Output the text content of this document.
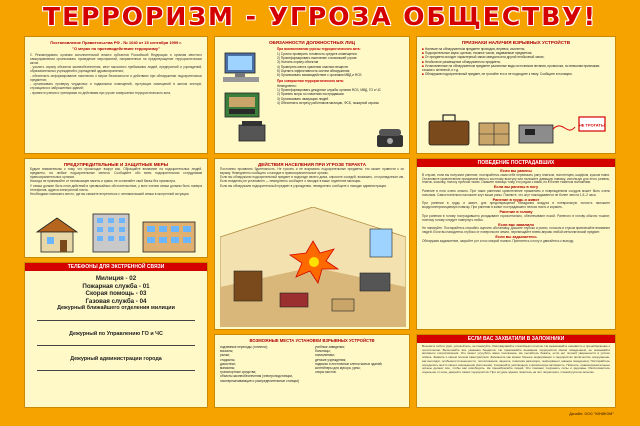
ТЕРРОРИЗМ - УГРОЗА ОБЩЕСТВУ!
Постановление Правительства РФ - № 1040 от 15 сентября 1999 г.
"О мерах по противодействию терроризму"

2. Рекомендовать органам исполнительной власти субъектов Российской Федерации и органам местного самоуправления организовать проведение мероприятий, направленных на предотвращение террористических актов.

- усилить охрану объектов жизнеобеспечения, мест массового пребывания людей, предприятий и учреждений, образовательных учреждений и учреждений здравоохранения;

- обеспечить информирование населения о мерах безопасности и действиях при обнаружении подозрительных предметов;

- организовать проверку чердачных и подвальных помещений, пустующих помещений в жилом секторе, строящихся и заброшенных зданий;

- провести учения и тренировки по действиям при угрозе совершения террористического акта.

ОБЯЗАННОСТИ ДОЛЖНОСТНЫХ ЛИЦ
При возникновении угрозы террористического акта:
1) Срочно проверить готовность средств оповещения
2) Проинформировать население о возникшей угрозе
3) Усилить охрану объектов
4) Проверить места хранения опасных веществ
5) Оценить эффективность систем обнаружения
6) Организовать взаимодействие с органами МВД и ФСБ
При совершении террористического акта:
Немедленно:
1) Проинформировать дежурные службы органов ФСБ, МВД, ГО и ЧС
2) Принять меры по спасению пострадавших
3) Организовать эвакуацию людей
4) Обеспечить встречу работников милиции, ФСБ, пожарной охраны
ПРИЗНАКИ НАЛИЧИЯ ВЗРЫВНЫХ УСТРОЙСТВ
■ Наличие на обнаруженном предмете проводов, веревок, изоленты;
■ Подозрительные звуки, щелчки, тиканье часов, издаваемые предметом;
■ От предмета исходит характерный запах миндаля или другой необычный запах;
■ Необычное размещение обнаруженного предмета;
■ Установленные на обнаруженном предмете различные виды источников питания, проволока, по внешним признакам схожая с антенной, и т.д.
■ Обнаружив подозрительный предмет, не трогайте его и не подходите к нему. Сообщите в полицию.
НЕ ТРОГАТЬ!
ПРЕДУПРЕДИТЕЛЬНЫЕ И ЗАЩИТНЫЕ МЕРЫ

Будьте внимательны к тому, что происходит вокруг вас. Обращайте внимание на подозрительных людей, предметы, на любые подозрительные мелочи. Сообщайте обо всем подозрительном сотрудникам правоохранительных органов.

Никогда не принимайте от незнакомцев пакеты и сумки, не оставляйте свой багаж без присмотра.

У семьи должен быть план действий в чрезвычайных обстоятельствах, у всех членов семьи должны быть номера телефонов, адреса электронной почты.

Необходимо назначить место, где вы сможете встретиться с членами вашей семьи в экстренной ситуации.

ТЕЛЕФОНЫ ДЛЯ ЭКСТРЕННОЙ СВЯЗИ
Милиция - 02
Пожарная служба - 01
Скорая помощь - 03
Газовая служба - 04
Дежурный ближайшего отделения милиции
Дежурный по Управлению ГО и ЧС
Дежурный администрации города
ДЕЙСТВИЯ НАСЕЛЕНИЯ ПРИ УГРОЗЕ ТЕРАКТА

Постоянно проявлять бдительность. Не трогать и не вскрывать подозрительные предметы: это может привести к их взрыву. Немедленно сообщить о находке в правоохранительные органы.

Если вы обнаружили подозрительный предмет в подъезде своего дома, опросите соседей, возможно, он принадлежит им. Если владелец не установлен — немедленно сообщите о находке в ваше отделение милиции.

Если вы обнаружили подозрительный предмет в учреждении, немедленно сообщите о находке администрации.

ВОЗМОЖНЫЕ МЕСТА УСТАНОВКИ ВЗРЫВНЫХ УСТРОЙСТВ
подземные переходы (тоннели);
вокзалы;
рынки;
стадионы;
дискотеки;
магазины;
транспортные средства;
объекты жизнеобеспечения (электроподстанции, газоперекачивающие и распределительные станции)
учебные заведения;
больницы;
поликлиники;
детские учреждения;
подвалы и лестничные клетки жилых зданий;
контейнеры для мусора, урны;
опоры мостов.
ПОВЕДЕНИЕ ПОСТРАДАВШИХ
Если вы ранены
В случае, если вы получили ранение, постарайтесь сами себе перевязать рану платком, полотенцем, шарфом, куском ткани. Остановите кровотечение прижатием вены к костному выступу или наложите давящую повязку, используя для этого ремень, платок, косынку, полосу прочной ткани. Окажите помощь тому, кто рядом с вами, но в более тяжелом положении.
Если вы ранены в ногу
Ранение в ноги очень опасно. При таких ранениях кровотечение прижатием и повреждением сосудов может быть очень сильным. Самостоятельно наложите жгут выше раны. Помните, что жгут накладывается не более чем на 1,5–2 часа.
Ранение в грудь и живот
При ранении в грудь и живот, для предотвращения попадания воздуха в плевральную полость наложите воздухонепроницаемую повязку. При ранении в живот пострадавшего нельзя поить и кормить.
Ранение в голову
При ранении в голову пострадавшего укладывают горизонтально, обеспечивают покой. Раненого в голову обычно тошнит, поэтому голову следует повернуть набок.
Если вас завалило
Не паникуйте. Постарайтесь спокойно оценить обстановку. Дышите глубоко и ровно, голосом и стуком привлекайте внимание людей. Если вы находитесь глубоко от поверхности земли, перемещайте влево-вправо любой металлический предмет.
Если вы задыхаетесь
Обнаружив задымление, закройте рот и нос мокрой тканью. Пригнитесь к полу и двигайтесь к выходу.
ЕСЛИ ВАС ЗАХВАТИЛИ В ЗАЛОЖНИКИ
Возьмите себя в руки, успокойтесь, не паникуйте. Разговаривайте спокойным голосом. Не выказывайте ненависть и пренебрежение к похитителям. Выполняйте все указания бандитов. Не привлекайте внимания террористов своим поведением, не оказывайте активного сопротивления. Это может усугубить ваше положение. Не пытайтесь бежать, если нет полной уверенности в успехе побега. Заявите о своем плохом самочувствии. Запомните как можно больше информации о террористах (количество, вооружение, как выглядят, особенности внешности, телосложения, акцента, тематика разговора, темперамент, манера поведения). Постарайтесь определить место своего нахождения (заточения). Сохраняйте умственную и физическую активность. Помните, правоохранительные органы делают все, чтобы вас освободить. Не пренебрегайте пищей. Это поможет сохранить силы и здоровье. Расположитесь подальше от окон, дверей и самих террористов. При штурме здания ложитесь на пол лицом вниз, сложив руки на затылке.
Дизайн: ООО "ЮНИКОМ"
